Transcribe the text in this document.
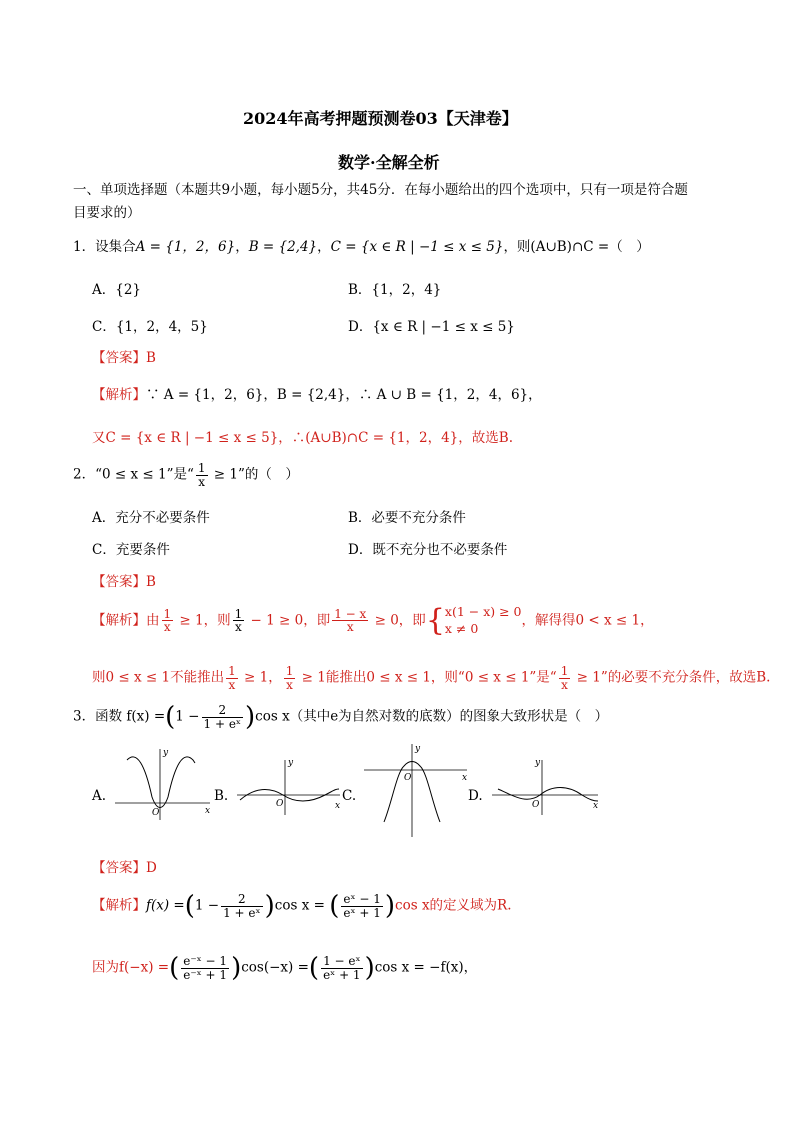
2024年高考押题预测卷03【天津卷】
数学·全解全析
一、单项选择题（本题共9小题，每小题5分，共45分．在每小题给出的四个选项中，只有一项是符合题
目要求的）
1．设集合A = {1，2，6}，B = {2,4}，C = {x ∈ R | −1 ≤ x ≤ 5}，则(A∪B)∩C =（　）
A．{2}	B．{1，2，4}
C．{1，2，4，5}	D．{x ∈ R | −1 ≤ x ≤ 5}
【答案】B
【解析】∵ A = {1，2，6}，B = {2,4}，∴ A ∪ B = {1，2，4，6}，
又C = {x ∈ R | −1 ≤ x ≤ 5}，∴(A∪B)∩C = {1，2，4}，故选B.
2．“0 ≤ x ≤ 1”是“ $\frac{1}{x} \ge 1$”的（　）
A．充分不必要条件	B．必要不充分条件
C．充要条件	D．既不充分也不必要条件
【答案】B
【解析】由 $\frac{1}{x} \ge 1$，则 $\frac{1}{x} - 1 \ge 0$，即 $\frac{1 - x}{x} \ge 0$，即{ x(1 − x) ≥ 0
x ≠ 0	，解得得0 < x ≤ 1，
则0 ≤ x ≤ 1不能推出 $\frac{1}{x} \ge 1$， $\frac{1}{x} \ge 1$能推出0 ≤ x ≤ 1，则“0 ≤ x ≤ 1”是“ $\frac{1}{x} \ge 1$”的必要不充分条件，故选B.
3．函数 $f(x) =(1 - \frac{2}{\text{1 + eˣ}} )\cos$ x（其中e为自然对数的底数）的图象大致形状是（　）
A.
y
x
O
B.
y
x
O	C.
y
x
O
D.
y
x
O
【答案】D
【解析】$f(x) =(1 - \frac{2}{\text{1 + eˣ}} )\cos$ x = ( $\frac{\text{eˣ − 1}}{\text{eˣ + 1}} )\cos$ x的定义域为R.
因为f(−x) =( $\frac{\text{e⁻ˣ − 1}}{\text{e⁻ˣ + 1}} )\cos(-x)$ =( $\frac{\text{1 − eˣ}}{\text{eˣ + 1}} )\cos$ x = −f(x)，
